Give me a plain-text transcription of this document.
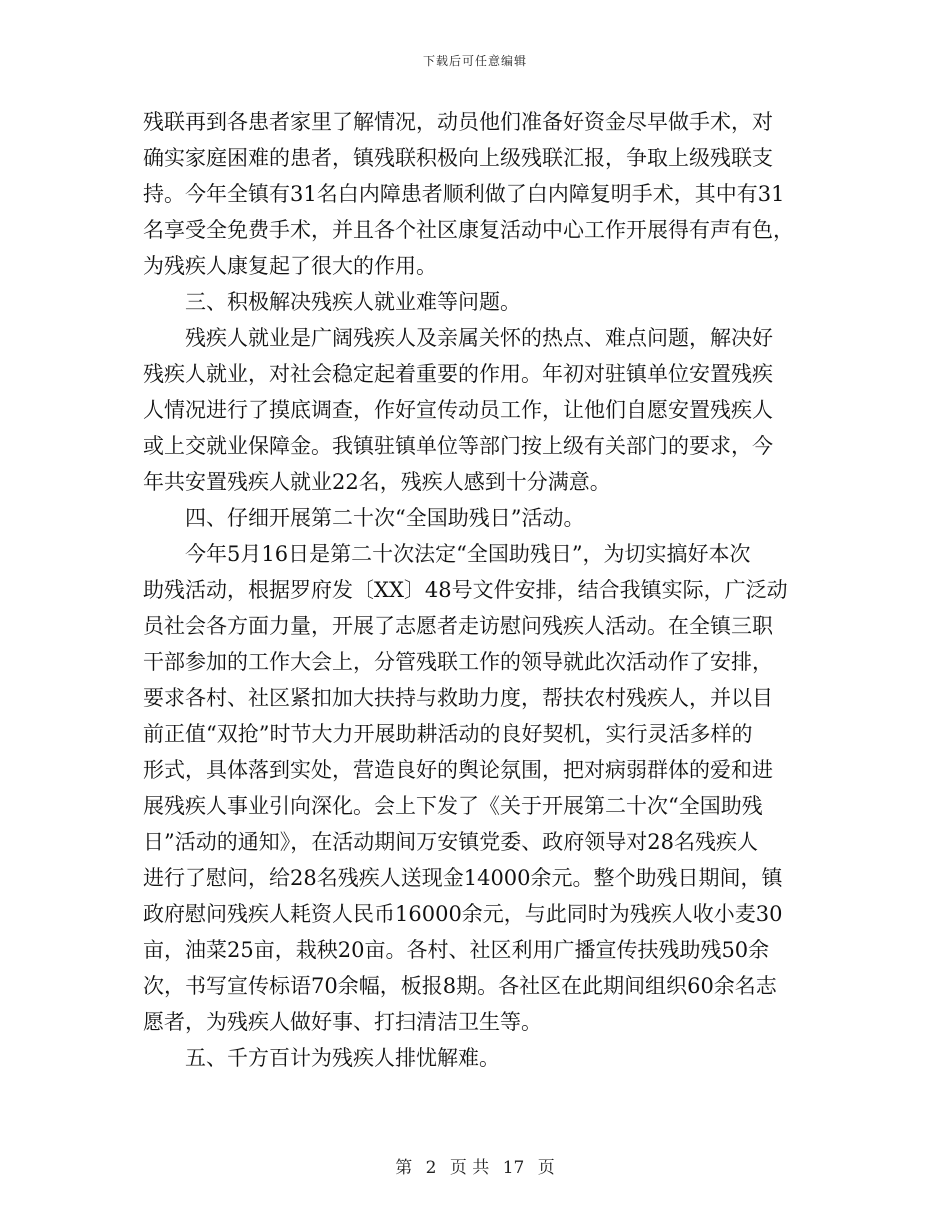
下载后可任意编辑
残联再到各患者家里了解情况，动员他们准备好资金尽早做手术，对
确实家庭困难的患者，镇残联积极向上级残联汇报，争取上级残联支
持。今年全镇有31名白内障患者顺利做了白内障复明手术，其中有31
名享受全免费手术，并且各个社区康复活动中心工作开展得有声有色，
为残疾人康复起了很大的作用。
　　三、积极解决残疾人就业难等问题。
　　残疾人就业是广阔残疾人及亲属关怀的热点、难点问题，解决好
残疾人就业，对社会稳定起着重要的作用。年初对驻镇单位安置残疾
人情况进行了摸底调查，作好宣传动员工作，让他们自愿安置残疾人
或上交就业保障金。我镇驻镇单位等部门按上级有关部门的要求，今
年共安置残疾人就业22名，残疾人感到十分满意。
　　四、仔细开展第二十次“全国助残日”活动。
　　今年5月16日是第二十次法定“全国助残日”，为切实搞好本次
助残活动，根据罗府发〔XX〕48号文件安排，结合我镇实际，广泛动
员社会各方面力量，开展了志愿者走访慰问残疾人活动。在全镇三职
干部参加的工作大会上，分管残联工作的领导就此次活动作了安排，
要求各村、社区紧扣加大扶持与救助力度，帮扶农村残疾人，并以目
前正值“双抢”时节大力开展助耕活动的良好契机，实行灵活多样的
形式，具体落到实处，营造良好的舆论氛围，把对病弱群体的爱和进
展残疾人事业引向深化。会上下发了《关于开展第二十次“全国助残
日”活动的通知》，在活动期间万安镇党委、政府领导对28名残疾人
进行了慰问，给28名残疾人送现金14000余元。整个助残日期间，镇
政府慰问残疾人耗资人民币16000余元，与此同时为残疾人收小麦30
亩，油菜25亩，栽秧20亩。各村、社区利用广播宣传扶残助残50余
次，书写宣传标语70余幅，板报8期。各社区在此期间组织60余名志
愿者，为残疾人做好事、打扫清洁卫生等。
　　五、千方百计为残疾人排忧解难。
第 2 页 共 17 页
